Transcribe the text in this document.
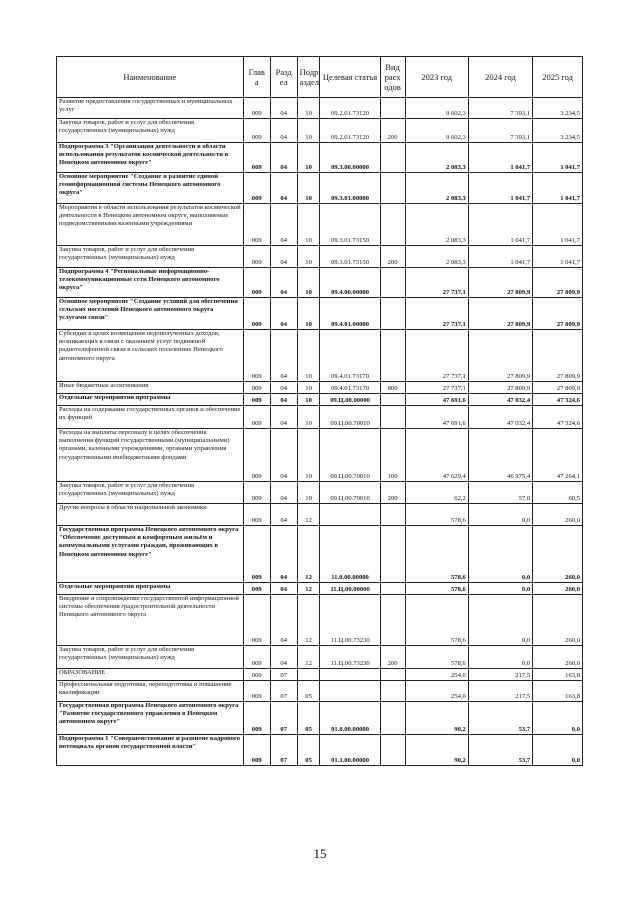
Наименование	Глав а	Разд ел	Подр аздел	Целевая статья	Вид расх одов	2023 год	2024 год	2025 год
Развитие предоставления государственных и муниципальных услуг	009	04	10	09.2.01.73120		9 602,3	7 393,1	3 234,5
Закупка товаров, работ и услуг для обеспечения государственных (муниципальных) нужд	009	04	10	09.2.01.73120	200	9 602,3	7 393,1	3 234,5
Подпрограмма 3 "Организация деятельности в области использования результатов космической деятельности в Ненецком автономном округе"	009	04	10	09.3.00.00000		2 083,3	1 041,7	1 041,7
Основное мероприятие "Создание и развитие единой геоинформационной системы Ненецкого автономного округа"	009	04	10	09.3.01.00000		2 083,3	1 041,7	1 041,7
Мероприятия в области использования результатов космической деятельности в Ненецком автономном округе, выполняемые подведомственными казенными учреждениями	009	04	10	09.3.01.73150		2 083,3	1 041,7	1 041,7
Закупка товаров, работ и услуг для обеспечения государственных (муниципальных) нужд	009	04	10	09.3.01.73150	200	2 083,3	1 041,7	1 041,7
Подпрограмма 4 "Региональные информационно-телекоммуникационные сети Ненецкого автономного округа"	009	04	10	09.4.00.00000		27 737,1	27 809,9	27 809,9
Основное мероприятие "Создание условий для обеспечения сельских поселений Ненецкого автономного округа услугами связи"	009	04	10	09.4.01.00000		27 737,1	27 809,9	27 809,9
Субсидии в целях возмещения недополученных доходов, возникающих в связи с оказанием услуг подвижной радиотелефонной связи в сельских поселениях Ненецкого автономного округа	009	04	10	09.4.01.73170		27 737,1	27 809,9	27 809,9
Иные бюджетные ассигнования	009	04	10	09.4.01.73170	800	27 737,1	27 809,9	27 809,9
Отдельные мероприятия программы	009	04	10	09.Ц.00.00000		47 691,6	47 032,4	47 324,6
Расходы на содержание государственных органов и обеспечение их функций	009	04	10	09.Ц.00.70010		47 691,6	47 032,4	47 324,6
Расходы на выплаты персоналу в целях обеспечения выполнения функций государственными (муниципальными) органами, казенными учреждениями, органами управления государственными внебюджетными фондами	009	04	10	09.Ц.00.70010	100	47 629,4	46 975,4	47 264,1
Закупка товаров, работ и услуг для обеспечения государственных (муниципальных) нужд	009	04	10	09.Ц.00.70010	200	62,2	57,0	60,5
Другие вопросы в области национальной экономики	009	04	12			578,6	0,0	260,0
Государственная программа Ненецкого автономного округа "Обеспечение доступным и комфортным жильём и коммунальными услугами граждан, проживающих в Ненецком автономном округе"	009	04	12	11.0.00.00000		578,6	0,0	260,0
Отдельные мероприятия программы	009	04	12	11.Ц.00.00000		578,6	0,0	260,0
Внедрение и сопровождение государственной информационной системы обеспечения градостроительной деятельности Ненецкого автономного округа	009	04	12	11.Ц.00.73230		578,6	0,0	260,0
Закупка товаров, работ и услуг для обеспечения государственных (муниципальных) нужд	009	04	12	11.Ц.00.73230	200	578,6	0,0	260,0
ОБРАЗОВАНИЕ	009	07				254,0	217,5	163,8
Профессиональная подготовка, переподготовка и повышение квалификации	009	07	05			254,0	217,5	163,8
Государственная программа Ненецкого автономного округа "Развитие государственного управления в Ненецком автономном округе"	009	07	05	01.0.00.00000		90,2	53,7	0,0
Подпрограмма 1 "Совершенствование и развитие кадрового потенциала органов государственной власти"	009	07	05	01.1.00.00000		90,2	53,7	0,0
15
